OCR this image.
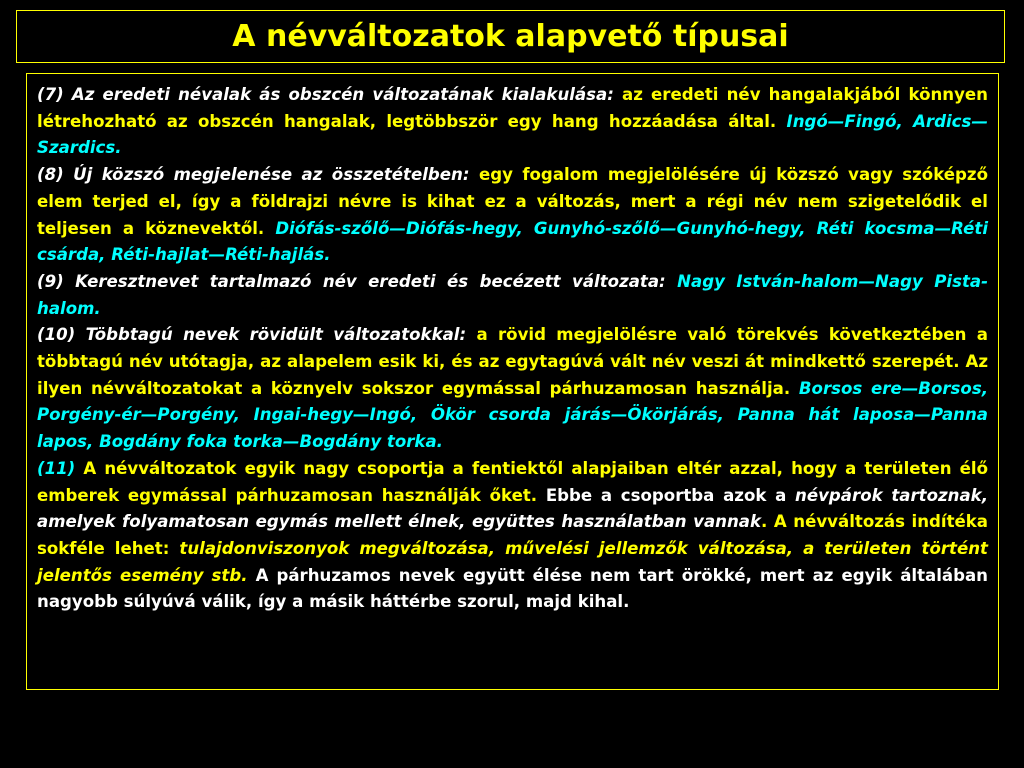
A névváltozatok alapvető típusai

(7) Az eredeti névalak ás obszcén változatának kialakulása: az eredeti név hangalakjából könnyen létrehozható az obszcén hangalak, legtöbbször egy hang hozzáadása által. Ingó—Fingó, Ardics—Szardics.

(8) Új közszó megjelenése az összetételben: egy fogalom megjelölésére új közszó vagy szóképző elem terjed el, így a földrajzi névre is kihat ez a változás, mert a régi név nem szigetelődik el teljesen a köznevektől. Diófás-szőlő—Diófás-hegy, Gunyhó-szőlő—Gunyhó-hegy, Réti kocsma—Réti csárda, Réti-hajlat—Réti-hajlás.

(9) Keresztnevet tartalmazó név eredeti és becézett változata: Nagy István-halom—Nagy Pista-halom.

(10) Többtagú nevek rövidült változatokkal: a rövid megjelölésre való törekvés következtében a többtagú név utótagja, az alapelem esik ki, és az egytagúvá vált név veszi át mindkettő szerepét. Az ilyen névváltozatokat a köznyelv sokszor egymással párhuzamosan használja. Borsos ere—Borsos, Porgény-ér—Porgény, Ingai-hegy—Ingó, Ökör csorda járás—Ökörjárás, Panna hát laposa—Panna lapos, Bogdány foka torka—Bogdány torka.

(11) A névváltozatok egyik nagy csoportja a fentiektől alapjaiban eltér azzal, hogy a területen élő emberek egymással párhuzamosan használják őket. Ebbe a csoportba azok a névpárok tartoznak, amelyek folyamatosan egymás mellett élnek, együttes használatban vannak. A névváltozás indítéka sokféle lehet: tulajdonviszonyok megváltozása, művelési jellemzők változása, a területen történt jelentős esemény stb. A párhuzamos nevek együtt élése nem tart örökké, mert az egyik általában nagyobb súlyúvá válik, így a másik háttérbe szorul, majd kihal.
